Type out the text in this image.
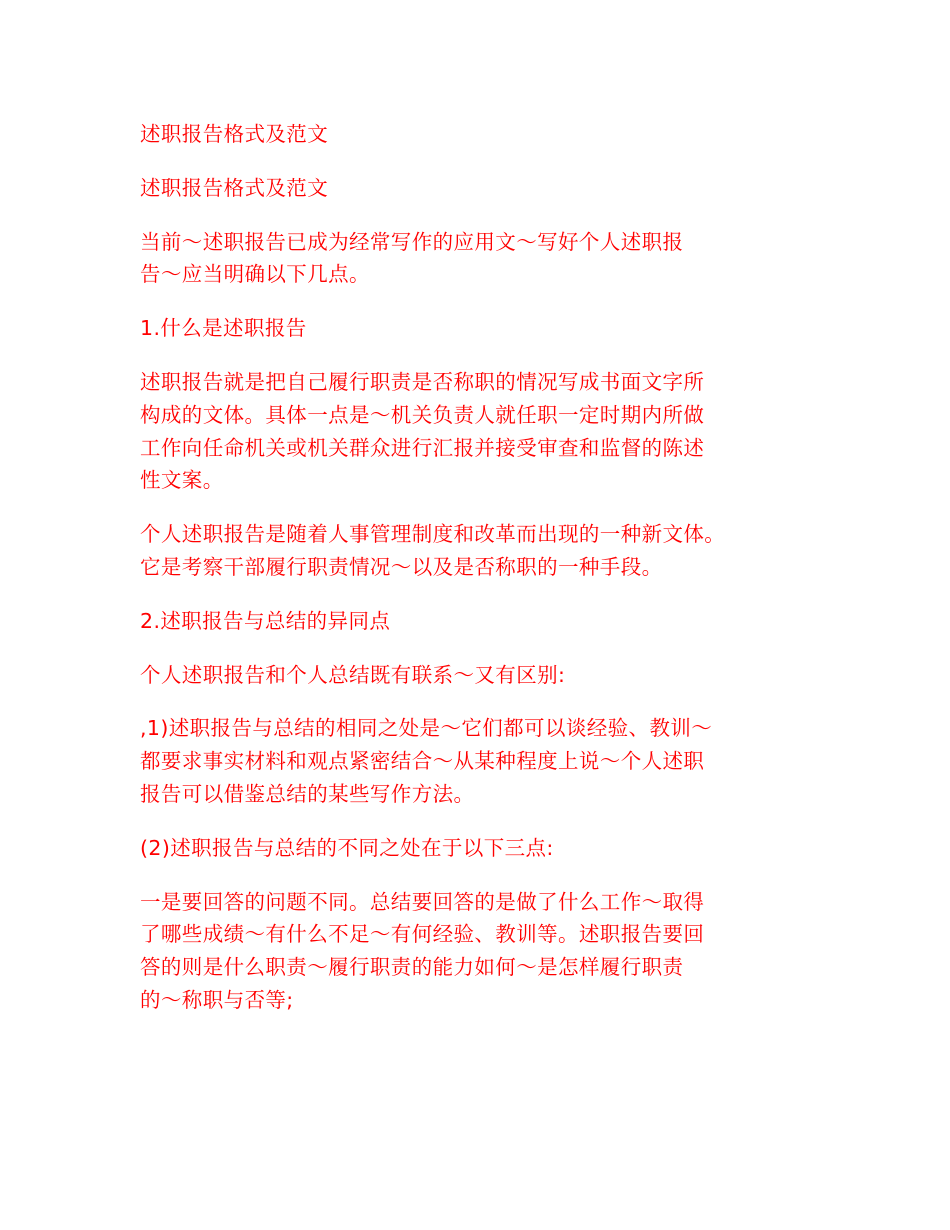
述职报告格式及范文

述职报告格式及范文

当前～述职报告已成为经常写作的应用文～写好个人述职报
告～应当明确以下几点。

1.什么是述职报告

述职报告就是把自己履行职责是否称职的情况写成书面文字所
构成的文体。具体一点是～机关负责人就任职一定时期内所做
工作向任命机关或机关群众进行汇报并接受审查和监督的陈述
性文案。

个人述职报告是随着人事管理制度和改革而出现的一种新文体。
它是考察干部履行职责情况～以及是否称职的一种手段。

2.述职报告与总结的异同点

个人述职报告和个人总结既有联系～又有区别:

,1)述职报告与总结的相同之处是～它们都可以谈经验、教训～
都要求事实材料和观点紧密结合～从某种程度上说～个人述职
报告可以借鉴总结的某些写作方法。

(2)述职报告与总结的不同之处在于以下三点:

一是要回答的问题不同。总结要回答的是做了什么工作～取得
了哪些成绩～有什么不足～有何经验、教训等。述职报告要回
答的则是什么职责～履行职责的能力如何～是怎样履行职责
的～称职与否等;
